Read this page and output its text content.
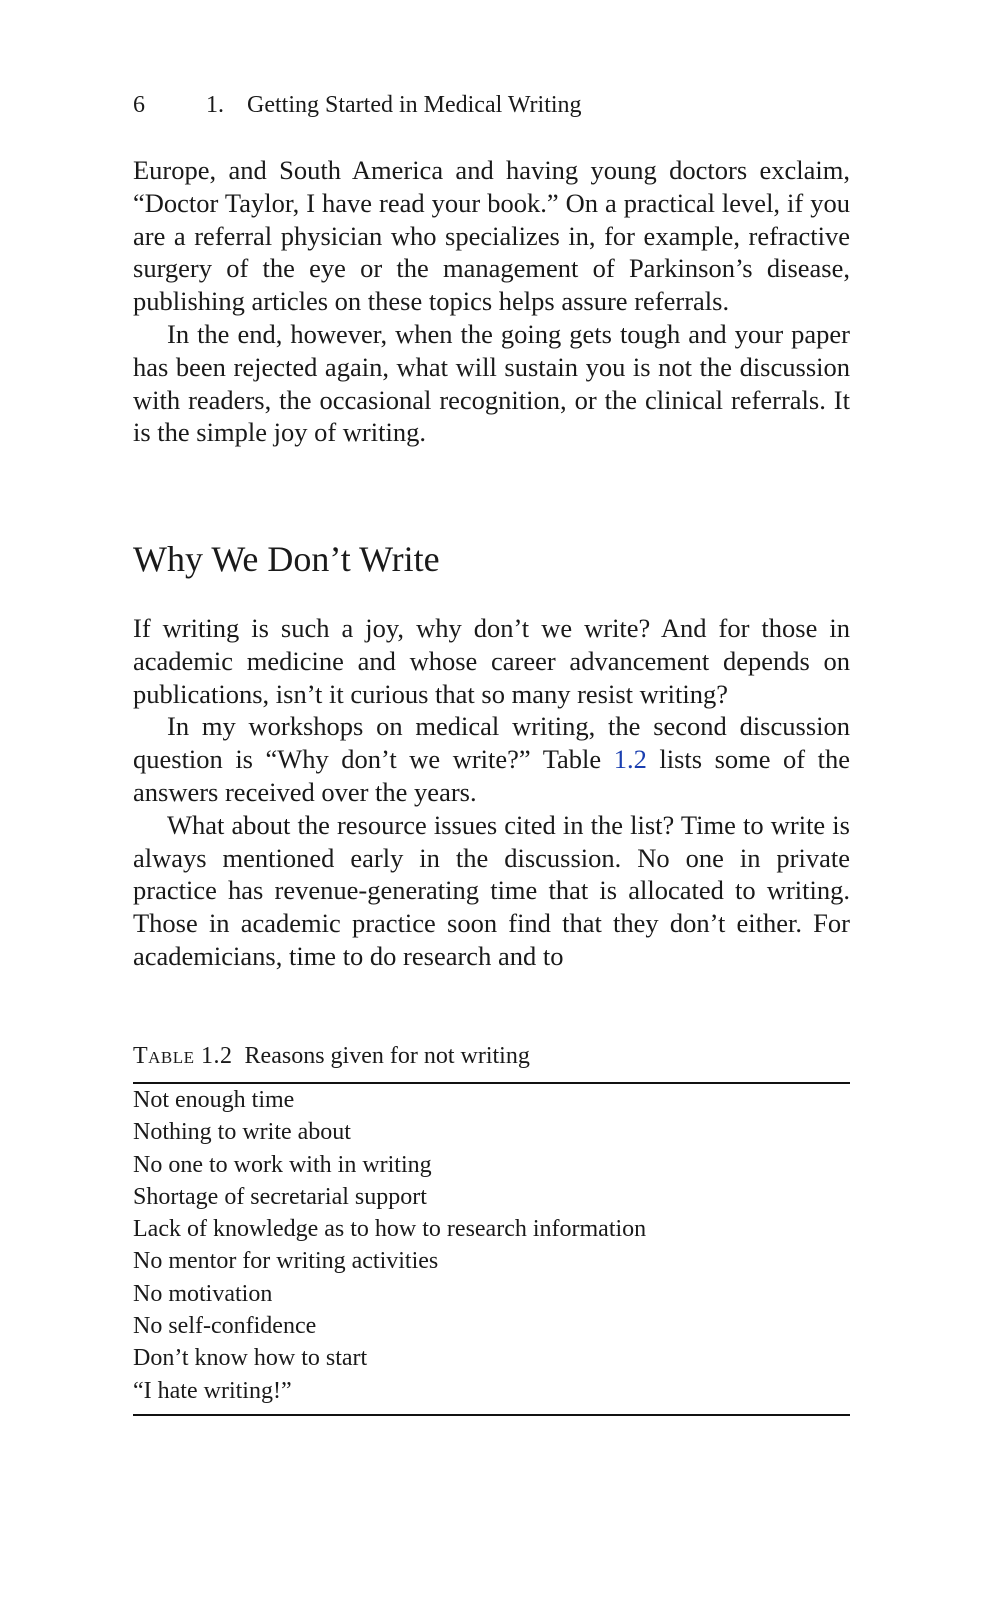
6	1. Getting Started in Medical Writing

Europe, and South America and having young doctors exclaim, “Doctor Taylor, I have read your book.” On a practical level, if you are a referral physician who specializes in, for example, refractive surgery of the eye or the management of Parkinson’s disease, publishing articles on these topics helps assure referrals.

In the end, however, when the going gets tough and your paper has been rejected again, what will sustain you is not the discussion with readers, the occasional recognition, or the clinical referrals. It is the simple joy of writing.

Why We Don’t Write

If writing is such a joy, why don’t we write? And for those in academic medicine and whose career advancement depends on publications, isn’t it curious that so many resist writing?

In my workshops on medical writing, the second discussion question is “Why don’t we write?” Table 1.2 lists some of the answers received over the years.

What about the resource issues cited in the list? Time to write is always mentioned early in the discussion. No one in private practice has revenue-generating time that is allocated to writing. Those in academic practice soon find that they don’t either. For academicians, time to do research and to

Table 1.2 Reasons given for not writing
Not enough time
Nothing to write about
No one to work with in writing
Shortage of secretarial support
Lack of knowledge as to how to research information
No mentor for writing activities
No motivation
No self-confidence
Don’t know how to start
“I hate writing!”
